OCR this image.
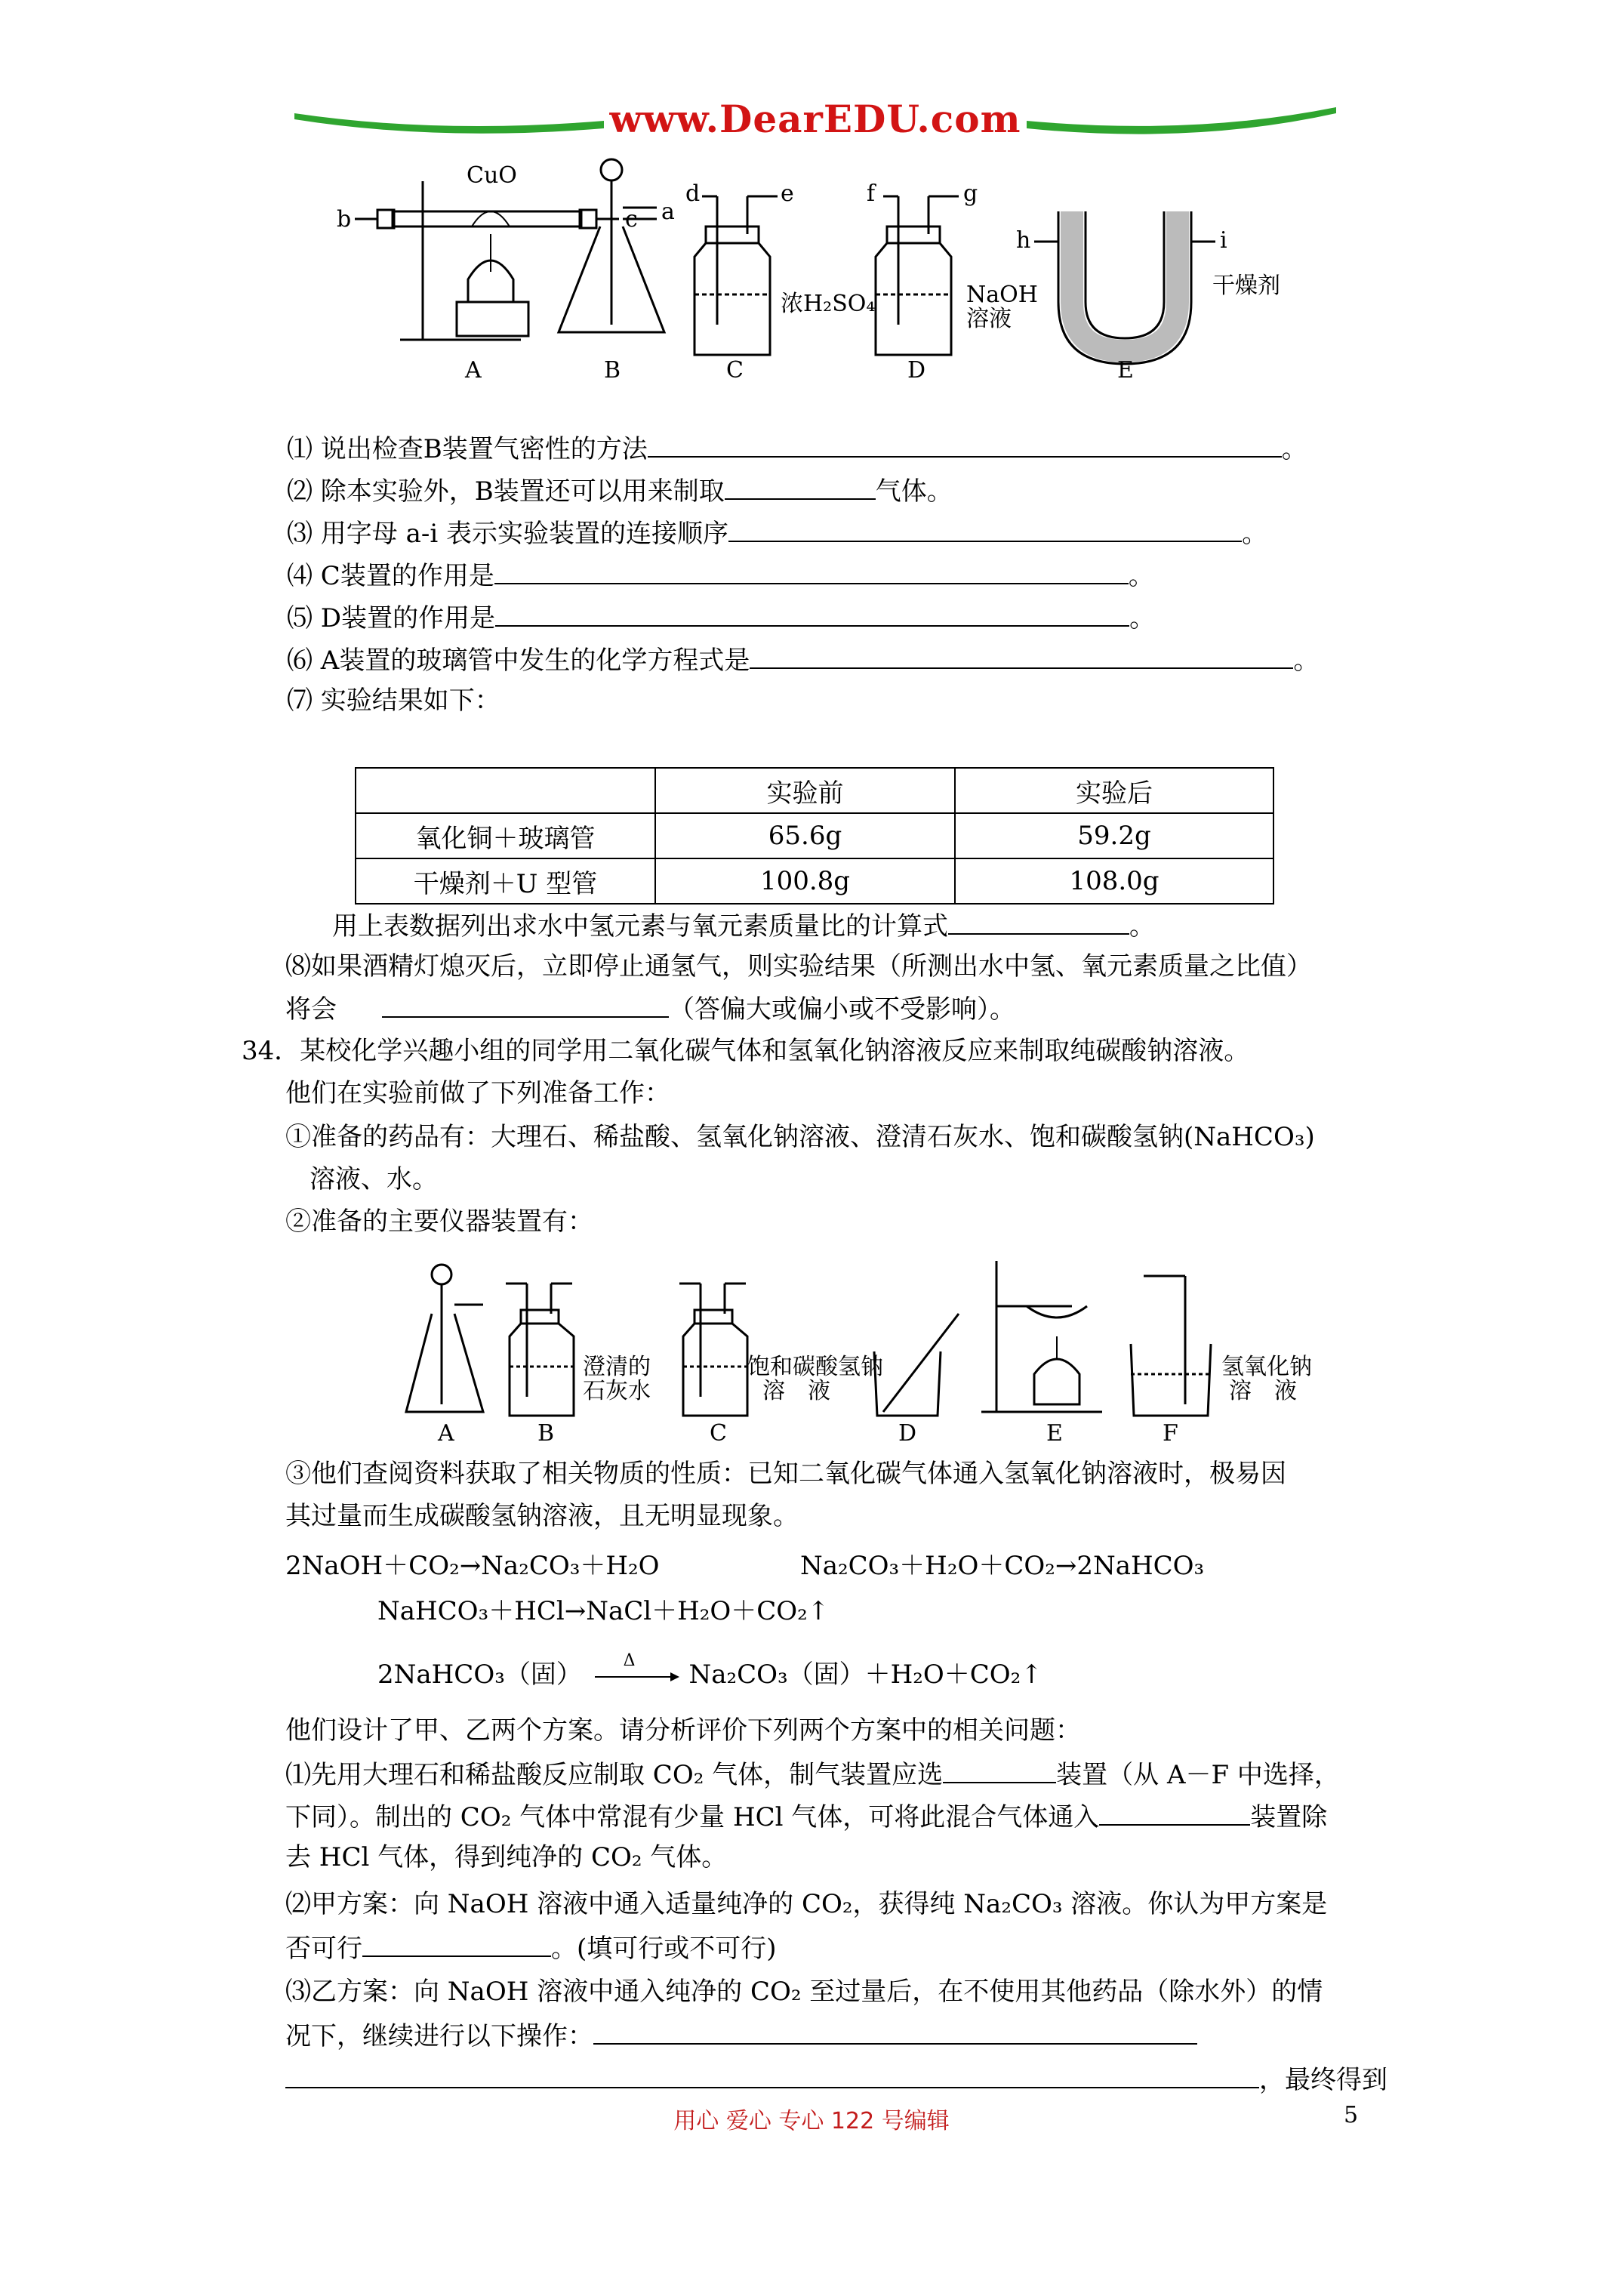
www.DearEDU.com
b	c
CuO
A
a
B
d	e
浓H₂SO₄
C
f	g
NaOH
溶液
D
h	i
干燥剂
E
⑴ 说出检查B装置气密性的方法	。
⑵ 除本实验外，B装置还可以用来制取	气体。
⑶ 用字母 a-i 表示实验装置的连接顺序	。
⑷ C装置的作用是	。
⑸ D装置的作用是	。
⑹ A装置的玻璃管中发生的化学方程式是	。
⑺ 实验结果如下：
	实验前	实验后
氧化铜＋玻璃管	65.6g	59.2g
干燥剂＋U 型管	100.8g	108.0g
用上表数据列出求水中氢元素与氧元素质量比的计算式	。
⑻如果酒精灯熄灭后，立即停止通氢气，则实验结果（所测出水中氢、氧元素质量之比值）
将会	（答偏大或偏小或不受影响）。
34．某校化学兴趣小组的同学用二氧化碳气体和氢氧化钠溶液反应来制取纯碳酸钠溶液。
他们在实验前做了下列准备工作：
①准备的药品有：大理石、稀盐酸、氢氧化钠溶液、澄清石灰水、饱和碳酸氢钠(NaHCO₃)
溶液、水。
②准备的主要仪器装置有：
A
澄清的
石灰水
B
饱和碳酸氢钠
溶　液
C	D	E
氢氧化钠
溶　液
F
③他们查阅资料获取了相关物质的性质：已知二氧化碳气体通入氢氧化钠溶液时，极易因
其过量而生成碳酸氢钠溶液，且无明显现象。
2NaOH＋CO₂→Na₂CO₃＋H₂O	Na₂CO₃＋H₂O＋CO₂→2NaHCO₃
NaHCO₃＋HCl→NaCl＋H₂O＋CO₂↑
2NaHCO₃（固） Δ Na₂CO₃（固）＋H₂O＋CO₂↑
他们设计了甲、乙两个方案。请分析评价下列两个方案中的相关问题：
⑴先用大理石和稀盐酸反应制取 CO₂ 气体，制气装置应选	装置（从 A－F 中选择，
下同）。制出的 CO₂ 气体中常混有少量 HCl 气体，可将此混合气体通入	装置除
去 HCl 气体，得到纯净的 CO₂ 气体。
⑵甲方案：向 NaOH 溶液中通入适量纯净的 CO₂，获得纯 Na₂CO₃ 溶液。你认为甲方案是
否可行	。(填可行或不可行)
⑶乙方案：向 NaOH 溶液中通入纯净的 CO₂ 至过量后，在不使用其他药品（除水外）的情
况下，继续进行以下操作：
，最终得到
用心 爱心 专心 122 号编辑	5
